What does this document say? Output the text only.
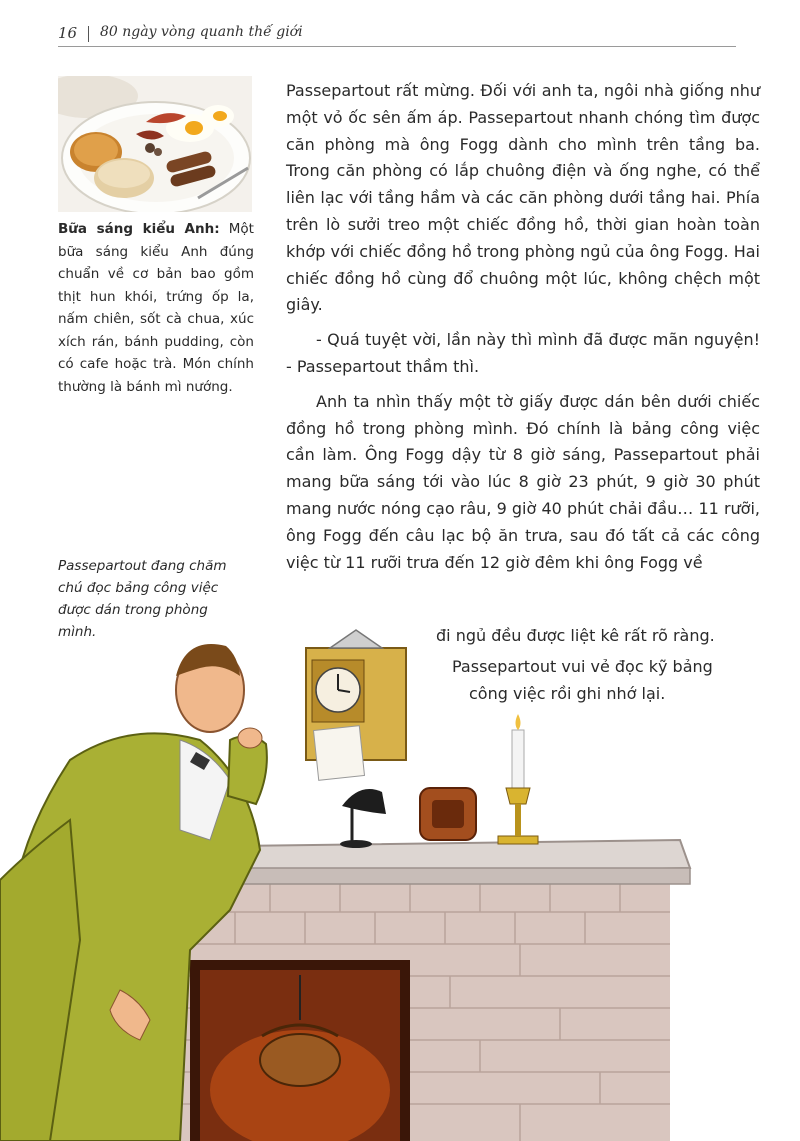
16 80 ngày vòng quanh thế giới
Bữa sáng kiểu Anh: Một bữa sáng kiểu Anh đúng chuẩn về cơ bản bao gồm thịt hun khói, trứng ốp la, nấm chiên, sốt cà chua, xúc xích rán, bánh pudding, còn có cafe hoặc trà. Món chính thường là bánh mì nướng.
Passepartout đang chăm chú đọc bảng công việc được dán trong phòng mình.

Passepartout rất mừng. Đối với anh ta, ngôi nhà giống như một vỏ ốc sên ấm áp. Passepartout nhanh chóng tìm được căn phòng mà ông Fogg dành cho mình trên tầng ba. Trong căn phòng có lắp chuông điện và ống nghe, có thể liên lạc với tầng hầm và các căn phòng dưới tầng hai. Phía trên lò sưởi treo một chiếc đồng hồ, thời gian hoàn toàn khớp với chiếc đồng hồ trong phòng ngủ của ông Fogg. Hai chiếc đồng hồ cùng đổ chuông một lúc, không chệch một giây.

- Quá tuyệt vời, lần này thì mình đã được mãn nguyện! - Passepartout thầm thì.

Anh ta nhìn thấy một tờ giấy được dán bên dưới chiếc đồng hồ trong phòng mình. Đó chính là bảng công việc cần làm. Ông Fogg dậy từ 8 giờ sáng, Passepartout phải mang bữa sáng tới vào lúc 8 giờ 23 phút, 9 giờ 30 phút mang nước nóng cạo râu, 9 giờ 40 phút chải đầu… 11 rưỡi, ông Fogg đến câu lạc bộ ăn trưa, sau đó tất cả các công việc từ 11 rưỡi trưa đến 12 giờ đêm khi ông Fogg về

đi ngủ đều được liệt kê rất rõ ràng.
Passepartout vui vẻ đọc kỹ bảng
công việc rồi ghi nhớ lại.
